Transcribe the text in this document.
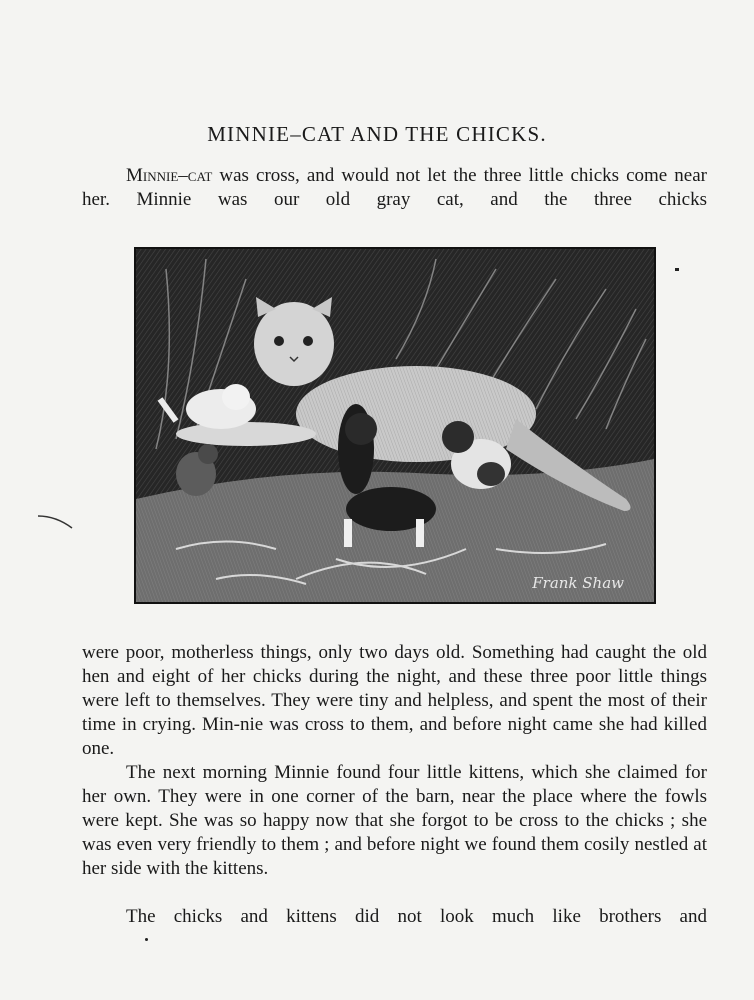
MINNIE–CAT AND THE CHICKS.

Minnie–cat was cross, and would not let the three little chicks come near her. Minnie was our old gray cat, and the three chicks

Frank Shaw

were poor, motherless things, only two days old. Something had caught the old hen and eight of her chicks during the night, and these three poor little things were left to themselves. They were tiny and helpless, and spent the most of their time in crying. Min-nie was cross to them, and before night came she had killed one.

The next morning Minnie found four little kittens, which she claimed for her own. They were in one corner of the barn, near the place where the fowls were kept. She was so happy now that she forgot to be cross to the chicks ; she was even very friendly to them ; and before night we found them cosily nestled at her side with the kittens.

The chicks and kittens did not look much like brothers and
